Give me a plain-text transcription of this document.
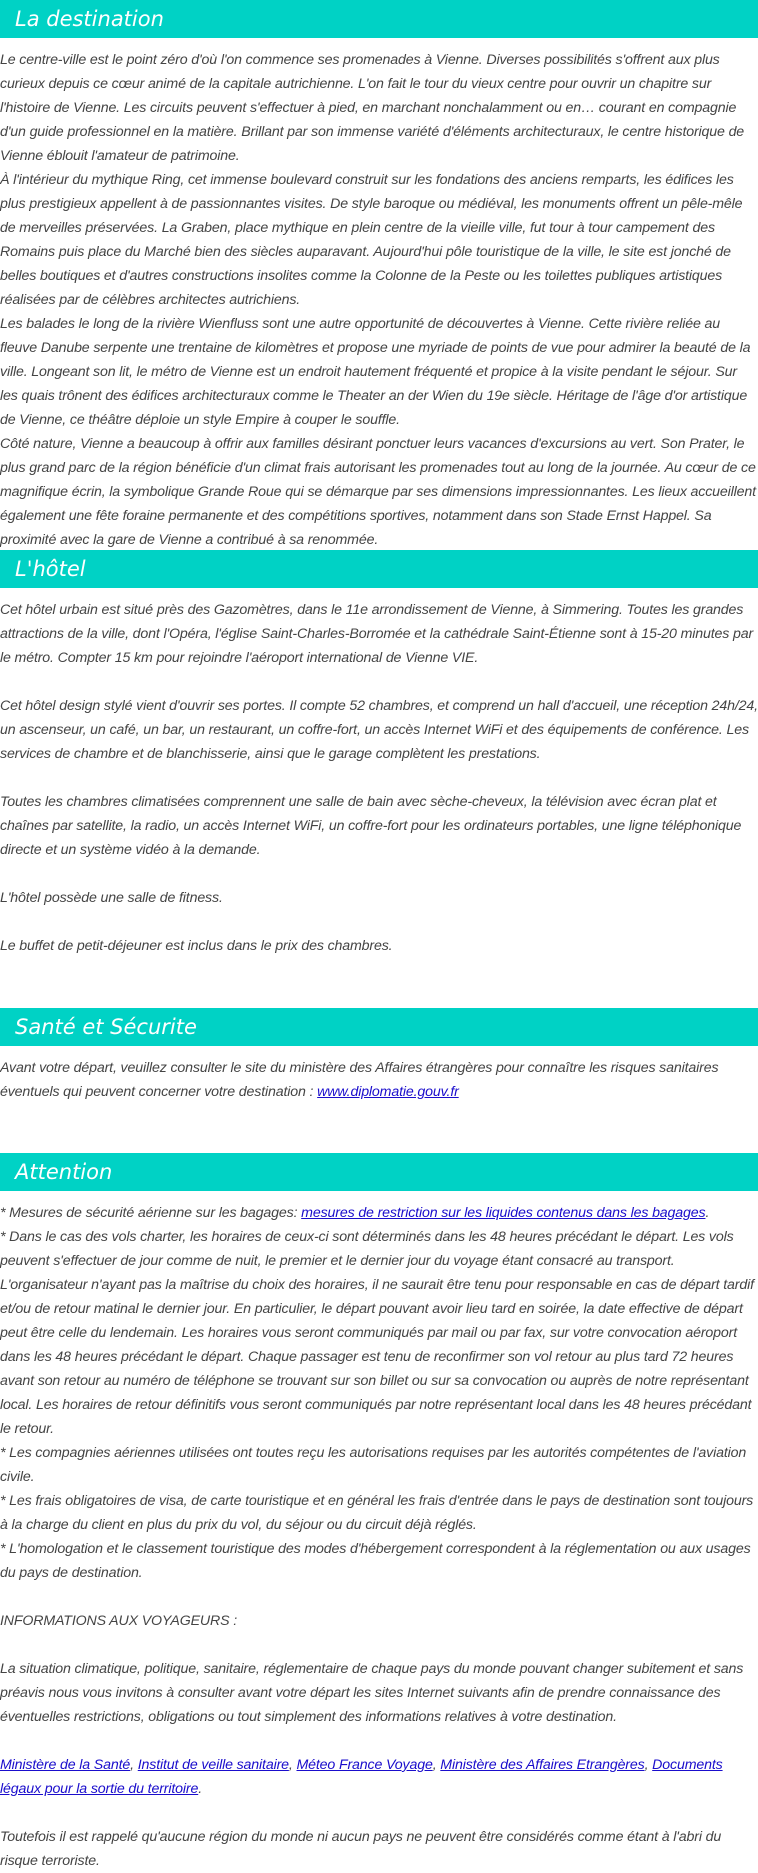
La destination

Le centre-ville est le point zéro d'où l'on commence ses promenades à Vienne. Diverses possibilités s'offrent aux plus curieux depuis ce cœur animé de la capitale autrichienne. L'on fait le tour du vieux centre pour ouvrir un chapitre sur l'histoire de Vienne. Les circuits peuvent s'effectuer à pied, en marchant nonchalamment ou en… courant en compagnie d'un guide professionnel en la matière. Brillant par son immense variété d'éléments architecturaux, le centre historique de Vienne éblouit l'amateur de patrimoine.

À l'intérieur du mythique Ring, cet immense boulevard construit sur les fondations des anciens remparts, les édifices les plus prestigieux appellent à de passionnantes visites. De style baroque ou médiéval, les monuments offrent un pêle-mêle de merveilles préservées. La Graben, place mythique en plein centre de la vieille ville, fut tour à tour campement des Romains puis place du Marché bien des siècles auparavant. Aujourd'hui pôle touristique de la ville, le site est jonché de belles boutiques et d'autres constructions insolites comme la Colonne de la Peste ou les toilettes publiques artistiques réalisées par de célèbres architectes autrichiens.

Les balades le long de la rivière Wienfluss sont une autre opportunité de découvertes à Vienne. Cette rivière reliée au fleuve Danube serpente une trentaine de kilomètres et propose une myriade de points de vue pour admirer la beauté de la ville. Longeant son lit, le métro de Vienne est un endroit hautement fréquenté et propice à la visite pendant le séjour. Sur les quais trônent des édifices architecturaux comme le Theater an der Wien du 19e siècle. Héritage de l'âge d'or artistique de Vienne, ce théâtre déploie un style Empire à couper le souffle.

Côté nature, Vienne a beaucoup à offrir aux familles désirant ponctuer leurs vacances d'excursions au vert. Son Prater, le plus grand parc de la région bénéficie d'un climat frais autorisant les promenades tout au long de la journée. Au cœur de ce magnifique écrin, la symbolique Grande Roue qui se démarque par ses dimensions impressionnantes. Les lieux accueillent également une fête foraine permanente et des compétitions sportives, notamment dans son Stade Ernst Happel. Sa proximité avec la gare de Vienne a contribué à sa renommée.

L'hôtel

Cet hôtel urbain est situé près des Gazomètres, dans le 11e arrondissement de Vienne, à Simmering. Toutes les grandes attractions de la ville, dont l'Opéra, l'église Saint-Charles-Borromée et la cathédrale Saint-Étienne sont à 15-20 minutes par le métro. Compter 15 km pour rejoindre l'aéroport international de Vienne VIE.

Cet hôtel design stylé vient d'ouvrir ses portes. Il compte 52 chambres, et comprend un hall d'accueil, une réception 24h/24, un ascenseur, un café, un bar, un restaurant, un coffre-fort, un accès Internet WiFi et des équipements de conférence. Les services de chambre et de blanchisserie, ainsi que le garage complètent les prestations.

Toutes les chambres climatisées comprennent une salle de bain avec sèche-cheveux, la télévision avec écran plat et chaînes par satellite, la radio, un accès Internet WiFi, un coffre-fort pour les ordinateurs portables, une ligne téléphonique directe et un système vidéo à la demande.

L'hôtel possède une salle de fitness.

Le buffet de petit-déjeuner est inclus dans le prix des chambres.

Santé et Sécurite

Avant votre départ, veuillez consulter le site du ministère des Affaires étrangères pour connaître les risques sanitaires éventuels qui peuvent concerner votre destination : www.diplomatie.gouv.fr

Attention

* Mesures de sécurité aérienne sur les bagages: mesures de restriction sur les liquides contenus dans les bagages.

* Dans le cas des vols charter, les horaires de ceux-ci sont déterminés dans les 48 heures précédant le départ. Les vols peuvent s'effectuer de jour comme de nuit, le premier et le dernier jour du voyage étant consacré au transport. L'organisateur n'ayant pas la maîtrise du choix des horaires, il ne saurait être tenu pour responsable en cas de départ tardif et/ou de retour matinal le dernier jour. En particulier, le départ pouvant avoir lieu tard en soirée, la date effective de départ peut être celle du lendemain. Les horaires vous seront communiqués par mail ou par fax, sur votre convocation aéroport dans les 48 heures précédant le départ. Chaque passager est tenu de reconfirmer son vol retour au plus tard 72 heures avant son retour au numéro de téléphone se trouvant sur son billet ou sur sa convocation ou auprès de notre représentant local. Les horaires de retour définitifs vous seront communiqués par notre représentant local dans les 48 heures précédant le retour.

* Les compagnies aériennes utilisées ont toutes reçu les autorisations requises par les autorités compétentes de l'aviation civile.

* Les frais obligatoires de visa, de carte touristique et en général les frais d'entrée dans le pays de destination sont toujours à la charge du client en plus du prix du vol, du séjour ou du circuit déjà réglés.

* L'homologation et le classement touristique des modes d'hébergement correspondent à la réglementation ou aux usages du pays de destination.

INFORMATIONS AUX VOYAGEURS :

La situation climatique, politique, sanitaire, réglementaire de chaque pays du monde pouvant changer subitement et sans préavis nous vous invitons à consulter avant votre départ les sites Internet suivants afin de prendre connaissance des éventuelles restrictions, obligations ou tout simplement des informations relatives à votre destination.

Ministère de la Santé, Institut de veille sanitaire, Méteo France Voyage, Ministère des Affaires Etrangères, Documents légaux pour la sortie du territoire.

Toutefois il est rappelé qu'aucune région du monde ni aucun pays ne peuvent être considérés comme étant à l'abri du risque terroriste.
